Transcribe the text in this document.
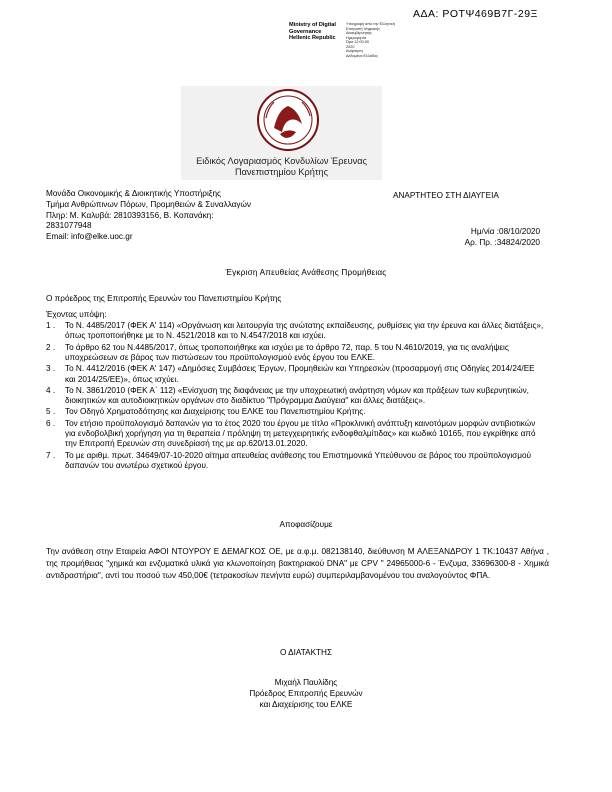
ΑΔΑ: ΡΟΤΨ469Β7Γ-29Ξ
Ministry of Digital
Governance
Hellenic Republic
Υπογραφή από την Ελληνική
Επιτροπή Ψηφιακής
Διακυβέρνησης
Ημερομηνία
Ώρα 12:00:00
2020
Ανάρτηση
Δεδομένα Ελλάδος
Ειδικός Λογαριασμός Κονδυλίων Έρευνας
Πανεπιστημίου Κρήτης
Μονάδα Οικονομικής & Διοικητικής Υποστήριξης
Τμήμα Ανθρώπινων Πόρων, Προμηθειών & Συναλλαγών
Πληρ: Μ. Καλυβά: 2810393156, Β. Κοπανάκη:
2831077948
Email: info@elke.uoc.gr
ΑΝΑΡΤΗΤΕΟ ΣΤΗ ΔΙΑΥΓΕΙΑ
Ημ/νία :08/10/2020
Αρ. Πρ. :34824/2020
Έγκριση Απευθείας Ανάθεσης Προμήθειας
Ο πρόεδρος της Επιτροπής Ερευνών του Πανεπιστημίου Κρήτης
Έχοντας υπόψη:
1 . Το Ν. 4485/2017 (ΦΕΚ Α' 114) «Οργάνωση και λειτουργία της ανώτατης εκπαίδευσης, ρυθμίσεις για την έρευνα και άλλες διατάξεις», όπως τροποποιήθηκε με το Ν. 4521/2018 και το Ν.4547/2018 και ισχύει.
2 . Το άρθρο 62 του Ν.4485/2017, όπως τροποποιήθηκε και ισχύει με το άρθρο 72, παρ. 5 του Ν.4610/2019, για τις αναλήψεις υποχρεώσεων σε βάρος των πιστώσεων του προϋπολογισμού ενός έργου του ΕΛΚΕ.
3 . Το Ν. 4412/2016 (ΦΕΚ Α' 147) «Δημόσιες Συμβάσεις Έργων, Προμηθειών και Υπηρεσιών (προσαρμογή στις Οδηγίες 2014/24/ΕΕ και 2014/25/ΕΕ)», όπως ισχύει.
4 . Το Ν. 3861/2010 (ΦΕΚ Α΄ 112) «Ενίσχυση της διαφάνειας με την υποχρεωτική ανάρτηση νόμων και πράξεων των κυβερνητικών, διοικητικών και αυτοδιοικητικών οργάνων στο διαδίκτυο "Πρόγραμμα Διαύγεια" και άλλες διατάξεις».
5 . Τον Οδηγό Χρηματοδότησης και Διαχείρισης του ΕΛΚΕ του Πανεπιστημίου Κρήτης.
6 . Τον ετήσιο προϋπολογισμό δαπανών για το έτος 2020 του έργου με τίτλο «Προκλινική ανάπτυξη καινοτόμων μορφών αντιβιοτικών για ενδοβολβική χορήγηση για τη θεραπεία / πρόληψη τη μετεγχειρητικής ενδοφθαλμίτιδας» και κωδικό 10165, που εγκρίθηκε από την Επιτροπή Ερευνών στη συνεδρίασή της με αρ.620/13.01.2020.
7 . Το με αριθμ. πρωτ. 34649/07-10-2020 αίτημα απευθείας ανάθεσης του Επιστημονικά Υπεύθυνου σε βάρος του προϋπολογισμού δαπανών του ανωτέρω σχετικού έργου.
Αποφασίζουμε
Την ανάθεση στην Εταιρεία ΑΦΟΙ ΝΤΟΥΡΟΥ Ε ΔΕΜΑΓΚΟΣ ΟΕ, με α.φ.μ. 082138140, διεύθυνση Μ ΑΛΕΞΑΝΔΡΟΥ 1 ΤΚ:10437 Αθήνα , της προμήθειας "χημικά και ενζυματικά υλικά για κλωνοποίηση βακτηριακού DNA" με CPV " 24965000-6 - Ένζυμα, 33696300-8 - Χημικά αντιδραστήρια", αντί του ποσού των 450,00€ (τετρακοσίων πενήντα ευρώ) συμπεριλαμβανομένου του αναλογούντος ΦΠΑ.
Ο ΔΙΑΤΑΚΤΗΣ
Μιχαήλ Παυλίδης
Πρόεδρος Επιτροπής Ερευνών
και Διαχείρισης του ΕΛΚΕ
